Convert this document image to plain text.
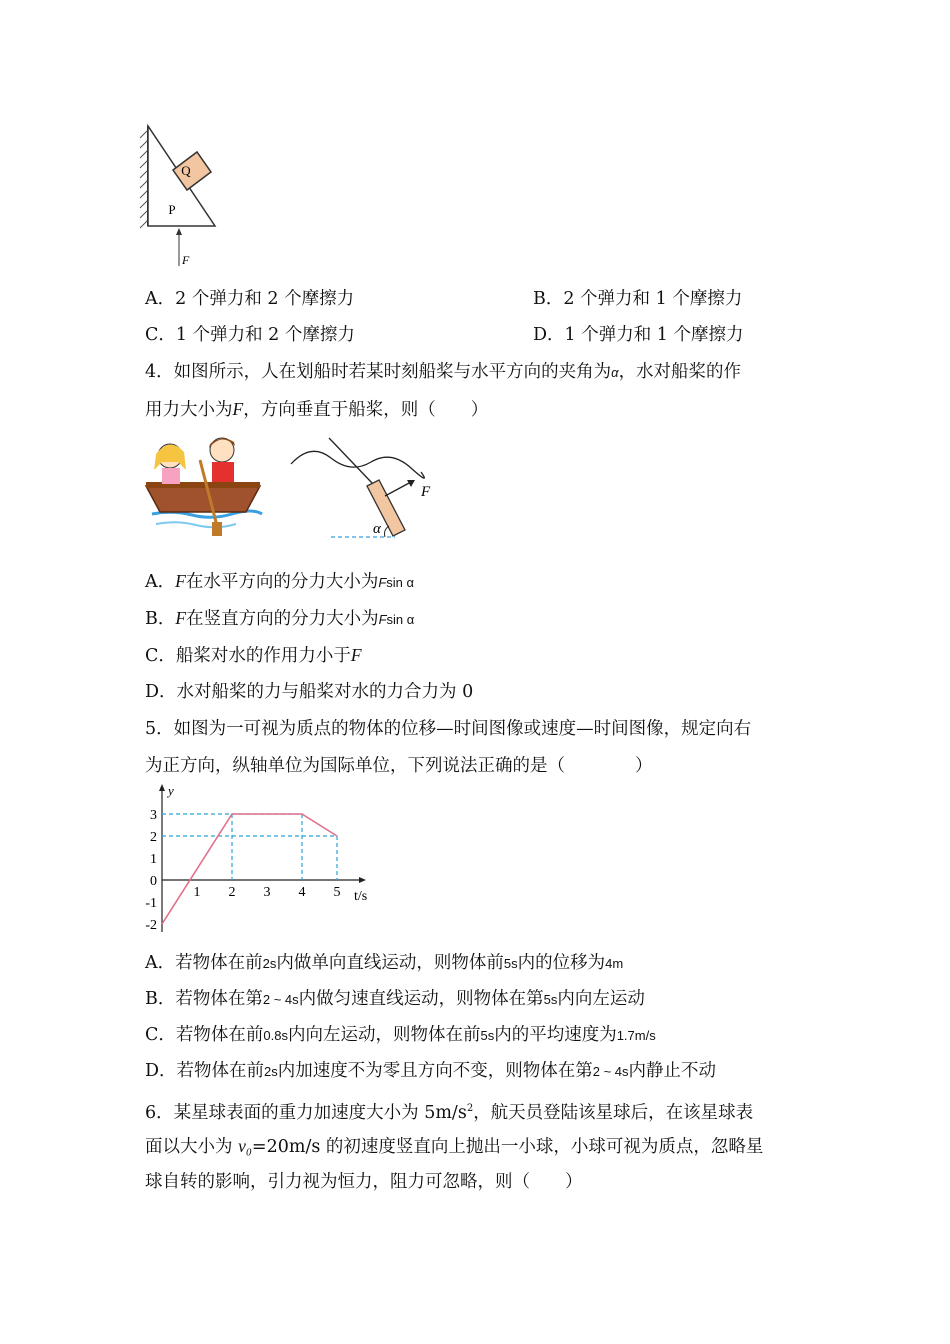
Q
P
F
A．2 个弹力和 2 个摩擦力	B．2 个弹力和 1 个摩擦力
C．1 个弹力和 2 个摩擦力	D．1 个弹力和 1 个摩擦力
4．如图所示，人在划船时若某时刻船桨与水平方向的夹角为α，水对船桨的作
用力大小为F，方向垂直于船桨，则（　　）
F
α
A．F在水平方向的分力大小为Fsin α
B．F在竖直方向的分力大小为Fsin α
C．船桨对水的作用力小于F
D．水对船桨的力与船桨对水的力合力为 0
5．如图为一可视为质点的物体的位移—时间图像或速度—时间图像，规定向右
为正方向，纵轴单位为国际单位，下列说法正确的是（　　　　）
y
t/s
3
2
1
0
-1
-2
1 2 3 4 5
A．若物体在前2s内做单向直线运动，则物体前5s内的位移为4m
B．若物体在第2 ~ 4s内做匀速直线运动，则物体在第5s内向左运动
C．若物体在前0.8s内向左运动，则物体在前5s内的平均速度为1.7m/s
D．若物体在前2s内加速度不为零且方向不变，则物体在第2 ~ 4s内静止不动
6．某星球表面的重力加速度大小为 $5m/s^2$，航天员登陆该星球后，在该星球表
面以大小为 v₀=20m/s 的初速度竖直向上抛出一小球，小球可视为质点，忽略星
球自转的影响，引力视为恒力，阻力可忽略，则（　　）
